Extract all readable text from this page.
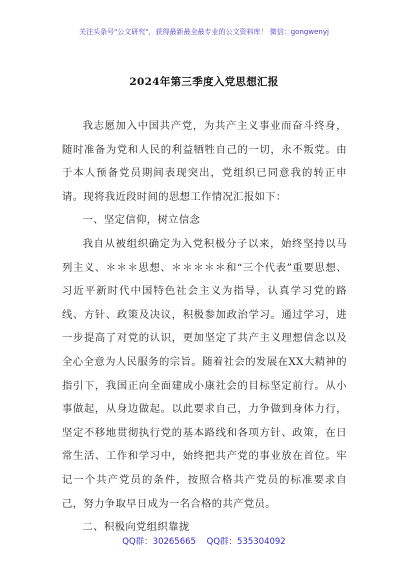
关注头条号"公文研究"，获得最新最全最专业的公文资料库！ 微信：gongwenyj
2024年第三季度入党思想汇报

我志愿加入中国共产党，为共产主义事业而奋斗终身，随时准备为党和人民的利益牺牲自己的一切，永不叛党。由于本人预备党员期间表现突出，党组织已同意我的转正申请。现将我近段时间的思想工作情况汇报如下：

一、坚定信仰，树立信念

我自从被组织确定为入党积极分子以来，始终坚持以马列主义、＊＊＊思想、＊＊＊＊＊和“三个代表”重要思想、习近平新时代中国特色社会主义为指导，认真学习党的路线、方针、政策及决议，积极参加政治学习。通过学习，进一步提高了对党的认识，更加坚定了共产主义理想信念以及全心全意为人民服务的宗旨。随着社会的发展在XX大精神的指引下，我国正向全面建成小康社会的目标坚定前行。从小事做起，从身边做起。以此要求自己，力争做到身体力行，坚定不移地贯彻执行党的基本路线和各项方针、政策，在日常生活、工作和学习中，始终把共产党的事业放在首位。牢记一个共产党员的条件，按照合格共产党员的标准要求自己，努力争取早日成为一名合格的共产党员。

二、积极向党组织靠拢

QQ群：30265665 QQ群：535304092
